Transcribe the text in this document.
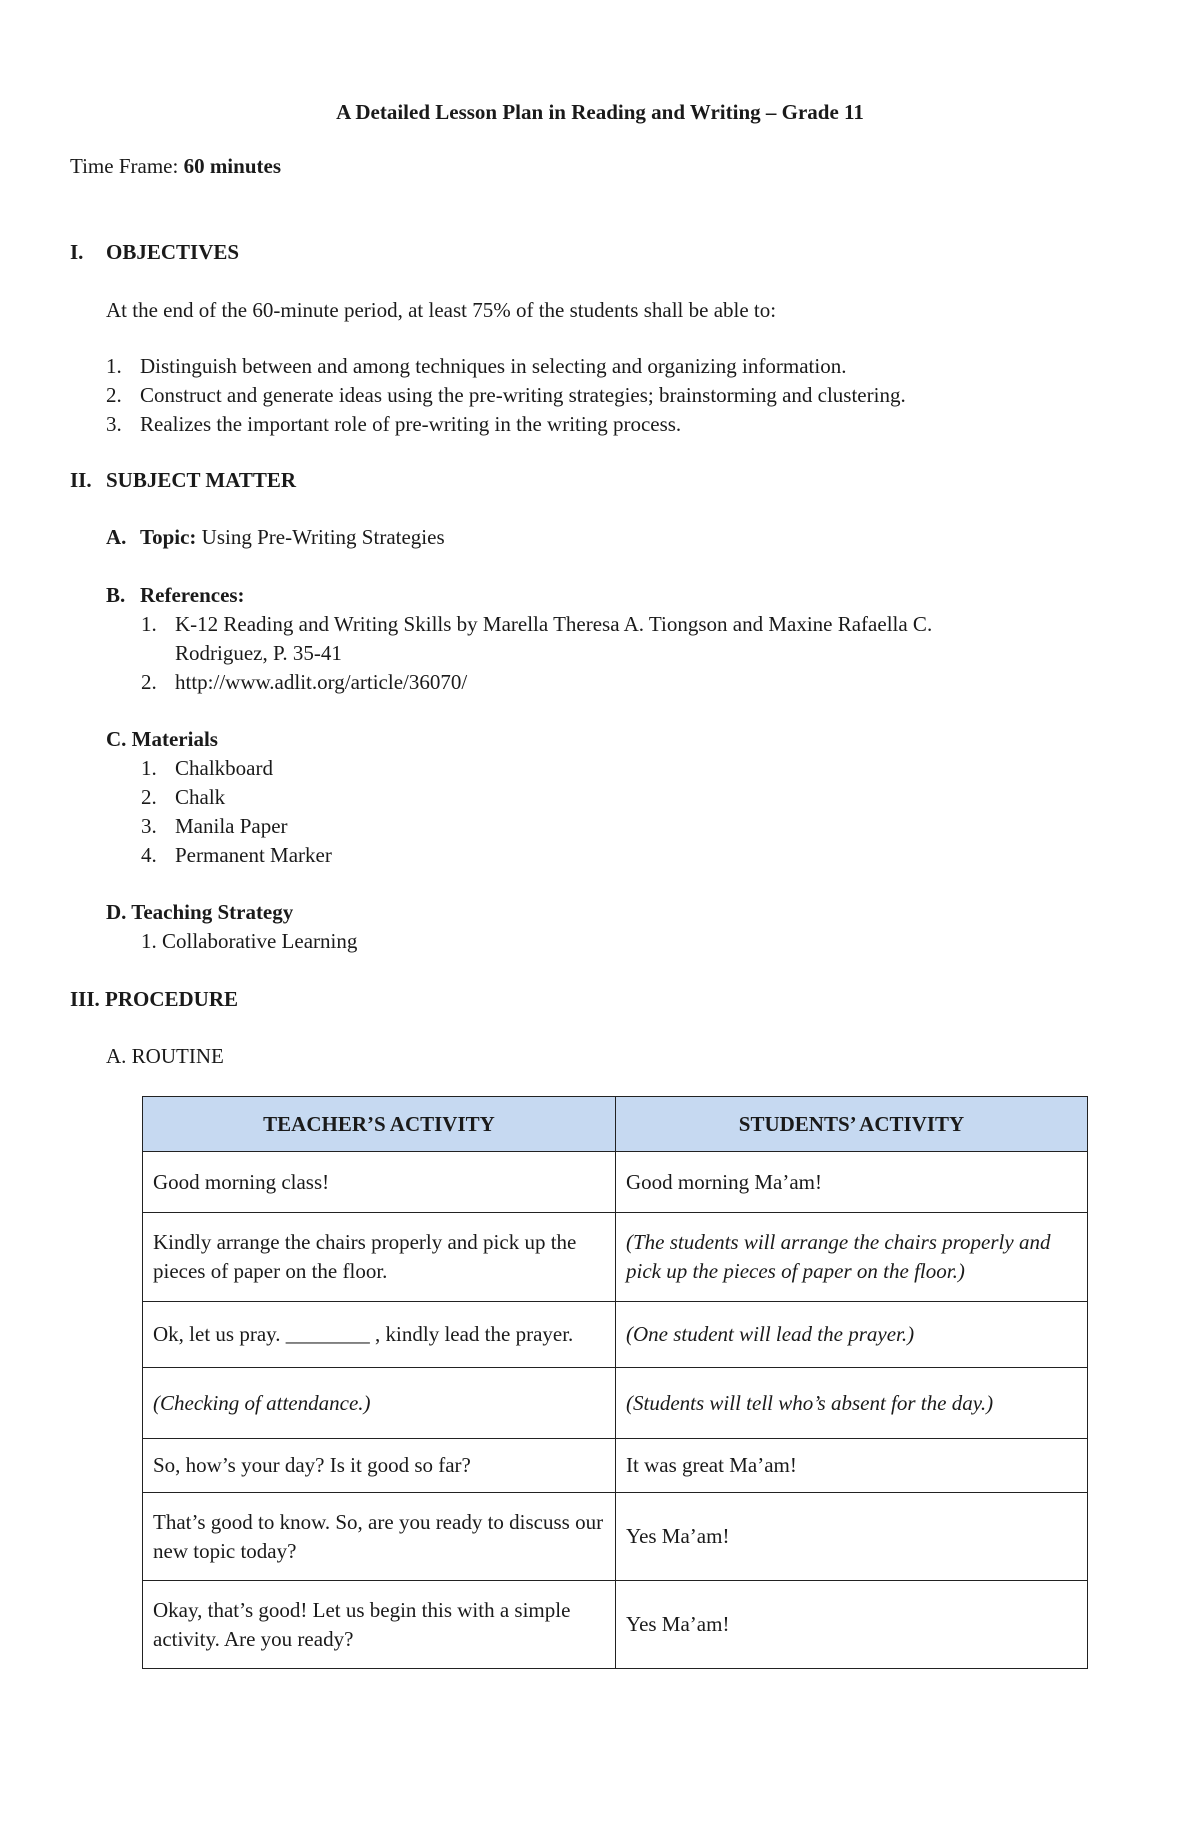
A Detailed Lesson Plan in Reading and Writing – Grade 11
Time Frame: 60 minutes
I. OBJECTIVES
At the end of the 60-minute period, at least 75% of the students shall be able to:
1. Distinguish between and among techniques in selecting and organizing information.
2. Construct and generate ideas using the pre-writing strategies; brainstorming and clustering.
3. Realizes the important role of pre-writing in the writing process.
II. SUBJECT MATTER
A. Topic: Using Pre-Writing Strategies
B. References:
1. K-12 Reading and Writing Skills by Marella Theresa A. Tiongson and Maxine Rafaella C.
Rodriguez, P. 35-41
2. http://www.adlit.org/article/36070/
C. Materials
1. Chalkboard
2. Chalk
3. Manila Paper
4. Permanent Marker
D. Teaching Strategy
1. Collaborative Learning
III. PROCEDURE
A. ROUTINE
TEACHER’S ACTIVITY	STUDENTS’ ACTIVITY
Good morning class!	Good morning Ma’am!
Kindly arrange the chairs properly and pick up the pieces of paper on the floor.	(The students will arrange the chairs properly and pick up the pieces of paper on the floor.)
Ok, let us pray. ________ , kindly lead the prayer.	(One student will lead the prayer.)
(Checking of attendance.)	(Students will tell who’s absent for the day.)
So, how’s your day? Is it good so far?	It was great Ma’am!
That’s good to know. So, are you ready to discuss our new topic today?	Yes Ma’am!
Okay, that’s good! Let us begin this with a simple activity. Are you ready?	Yes Ma’am!
